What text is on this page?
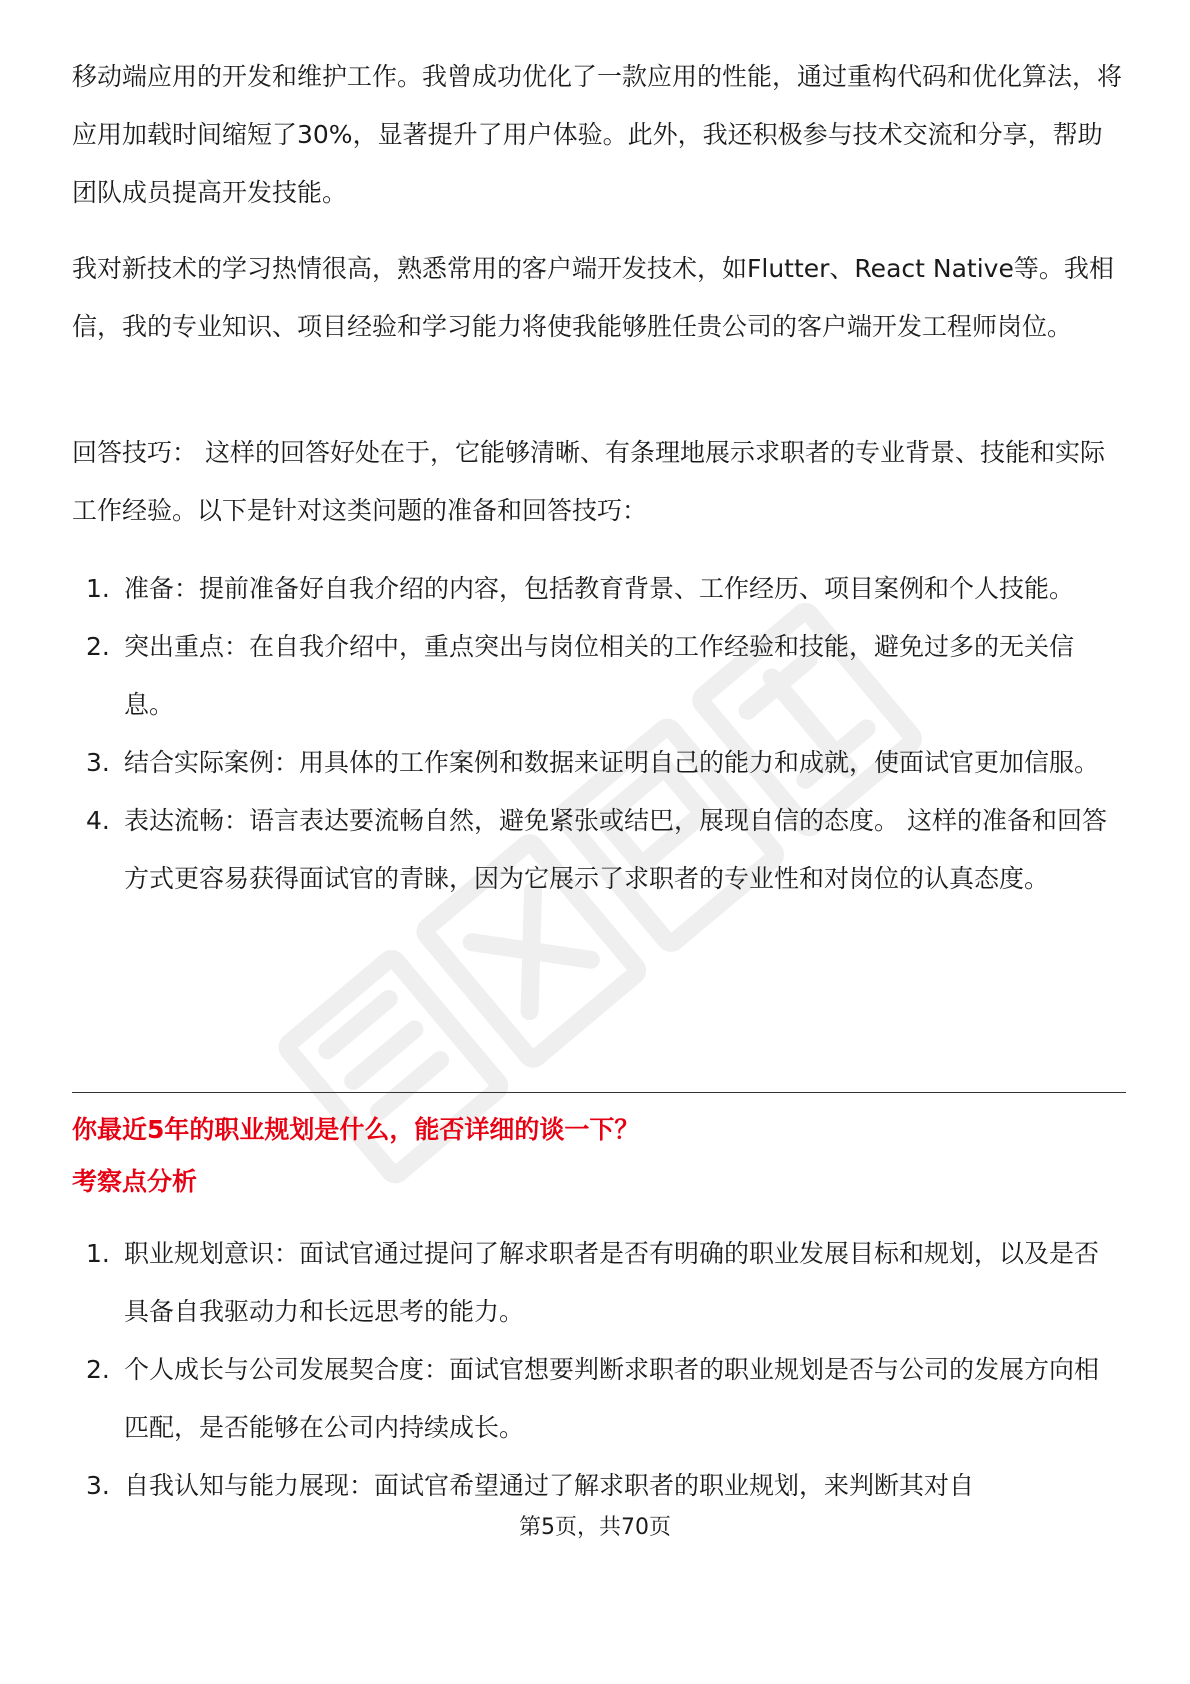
移动端应用的开发和维护工作。我曾成功优化了一款应用的性能，通过重构代码和优化算法，将应用加载时间缩短了30%，显著提升了用户体验。此外，我还积极参与技术交流和分享，帮助团队成员提高开发技能。

我对新技术的学习热情很高，熟悉常用的客户端开发技术，如Flutter、React Native等。我相信，我的专业知识、项目经验和学习能力将使我能够胜任贵公司的客户端开发工程师岗位。

回答技巧： 这样的回答好处在于，它能够清晰、有条理地展示求职者的专业背景、技能和实际工作经验。以下是针对这类问题的准备和回答技巧：

1. 准备：提前准备好自我介绍的内容，包括教育背景、工作经历、项目案例和个人技能。
2. 突出重点：在自我介绍中，重点突出与岗位相关的工作经验和技能，避免过多的无关信息。
3. 结合实际案例：用具体的工作案例和数据来证明自己的能力和成就，使面试官更加信服。
4. 表达流畅：语言表达要流畅自然，避免紧张或结巴，展现自信的态度。 这样的准备和回答方式更容易获得面试官的青睐，因为它展示了求职者的专业性和对岗位的认真态度。
你最近5年的职业规划是什么，能否详细的谈一下？
考察点分析
1. 职业规划意识：面试官通过提问了解求职者是否有明确的职业发展目标和规划，以及是否具备自我驱动力和长远思考的能力。
2. 个人成长与公司发展契合度：面试官想要判断求职者的职业规划是否与公司的发展方向相匹配，是否能够在公司内持续成长。
3. 自我认知与能力展现：面试官希望通过了解求职者的职业规划，来判断其对自
第5页，共70页
